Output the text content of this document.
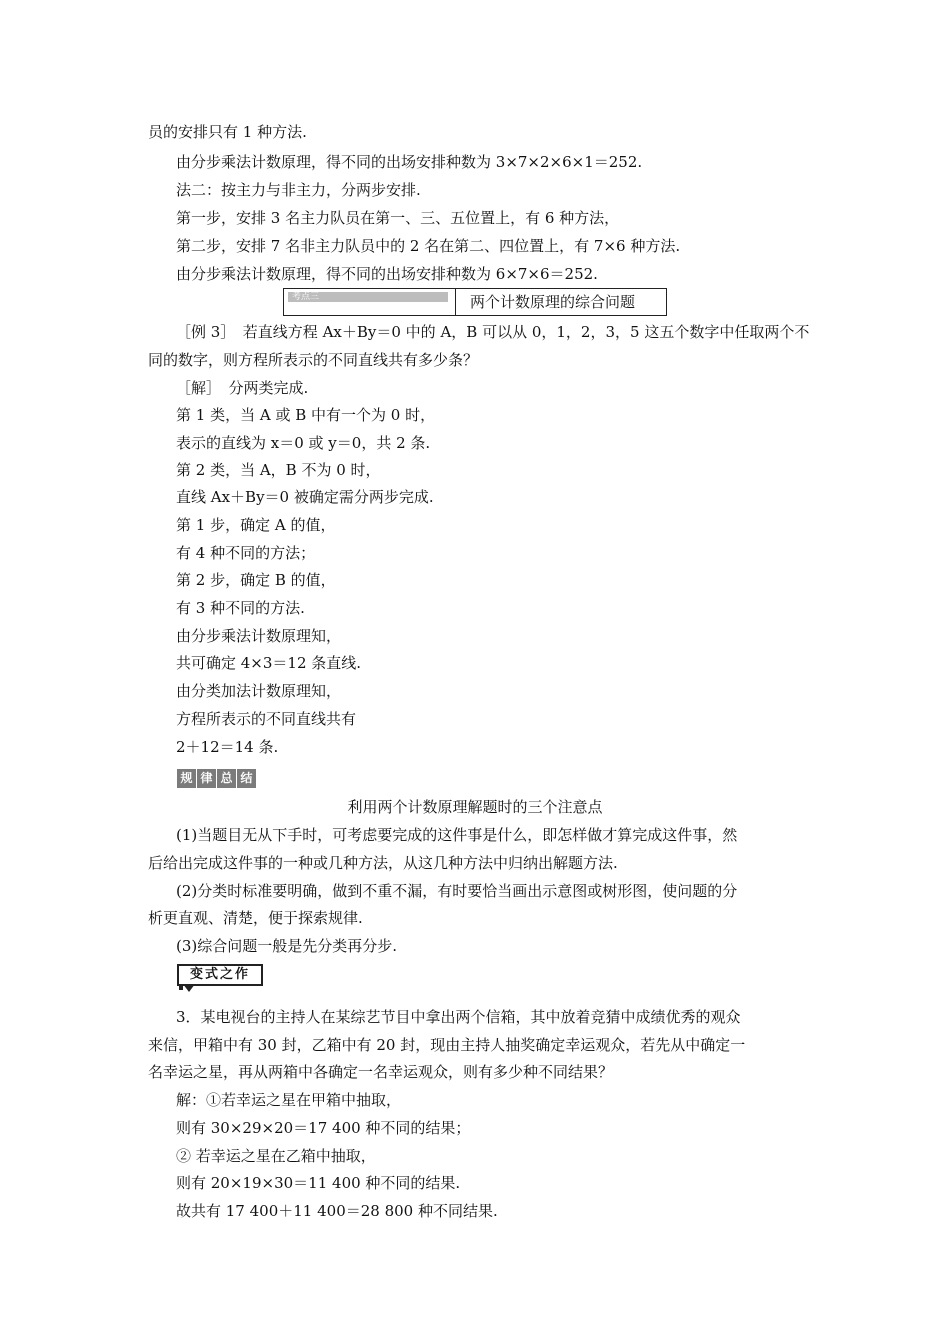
员的安排只有 1 种方法.
由分步乘法计数原理，得不同的出场安排种数为 3×7×2×6×1＝252.
法二：按主力与非主力，分两步安排.
第一步，安排 3 名主力队员在第一、三、五位置上，有 6 种方法，
第二步，安排 7 名非主力队员中的 2 名在第二、四位置上，有 7×6 种方法.
由分步乘法计数原理，得不同的出场安排种数为 6×7×6＝252.
考点三	两个计数原理的综合问题
［例 3］　若直线方程 Ax＋By＝0 中的 A，B 可以从 0，1，2，3，5 这五个数字中任取两个不
同的数字，则方程所表示的不同直线共有多少条？
［解］　分两类完成.
第 1 类，当 A 或 B 中有一个为 0 时，
表示的直线为 x＝0 或 y＝0，共 2 条.
第 2 类，当 A，B 不为 0 时，
直线 Ax＋By＝0 被确定需分两步完成.
第 1 步，确定 A 的值，
有 4 种不同的方法；
第 2 步，确定 B 的值，
有 3 种不同的方法.
由分步乘法计数原理知，
共可确定 4×3＝12 条直线.
由分类加法计数原理知，
方程所表示的不同直线共有
2＋12＝14 条.
规 律 总 结
利用两个计数原理解题时的三个注意点
(1)当题目无从下手时，可考虑要完成的这件事是什么，即怎样做才算完成这件事，然
后给出完成这件事的一种或几种方法，从这几种方法中归纳出解题方法.
(2)分类时标准要明确，做到不重不漏，有时要恰当画出示意图或树形图，使问题的分
析更直观、清楚，便于探索规律.
(3)综合问题一般是先分类再分步.
变式之作
3．某电视台的主持人在某综艺节目中拿出两个信箱，其中放着竞猜中成绩优秀的观众
来信，甲箱中有 30 封，乙箱中有 20 封，现由主持人抽奖确定幸运观众，若先从中确定一
名幸运之星，再从两箱中各确定一名幸运观众，则有多少种不同结果？
解：①若幸运之星在甲箱中抽取，
则有 30×29×20＝17 400 种不同的结果；
② 若幸运之星在乙箱中抽取，
则有 20×19×30＝11 400 种不同的结果.
故共有 17 400＋11 400＝28 800 种不同结果.
